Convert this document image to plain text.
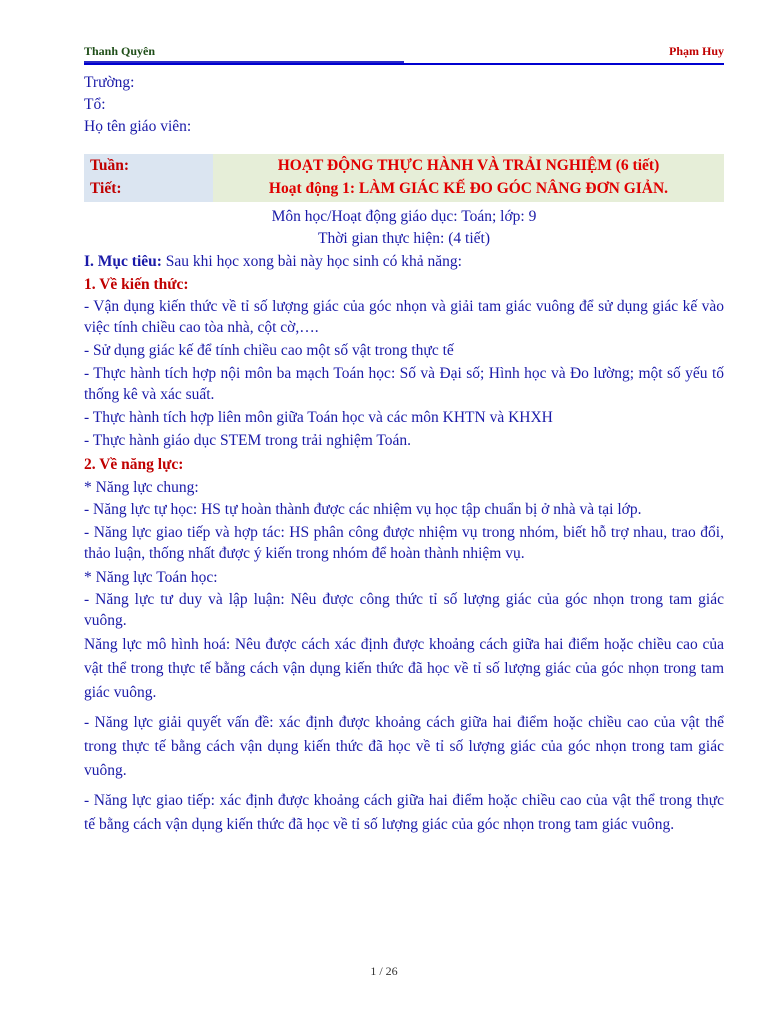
Thanh Quyên	Phạm Huy
Trường:
Tổ:
Họ tên giáo viên:
Tuần:
Tiết:
HOẠT ĐỘNG THỰC HÀNH VÀ TRẢI NGHIỆM (6 tiết)
Hoạt động 1: LÀM GIÁC KẾ ĐO GÓC NÂNG ĐƠN GIẢN.
Môn học/Hoạt động giáo dục: Toán; lớp: 9
Thời gian thực hiện: (4 tiết)
I. Mục tiêu: Sau khi học xong bài này học sinh có khả năng:
1. Về kiến thức:

- Vận dụng kiến thức về tỉ số lượng giác của góc nhọn và giải tam giác vuông để sử dụng giác kế vào việc tính chiều cao tòa nhà, cột cờ,….

- Sử dụng giác kế để tính chiều cao một số vật trong thực tế

- Thực hành tích hợp nội môn ba mạch Toán học: Số và Đại số; Hình học và Đo lường; một số yếu tố thống kê và xác suất.

- Thực hành tích hợp liên môn giữa Toán học và các môn KHTN và KHXH

- Thực hành giáo dục STEM trong trải nghiệm Toán.

2. Về năng lực:
* Năng lực chung:

- Năng lực tự học: HS tự hoàn thành được các nhiệm vụ học tập chuẩn bị ở nhà và tại lớp.

- Năng lực giao tiếp và hợp tác: HS phân công được nhiệm vụ trong nhóm, biết hỗ trợ nhau, trao đổi, thảo luận, thống nhất được ý kiến trong nhóm để hoàn thành nhiệm vụ.

* Năng lực Toán học:

- Năng lực tư duy và lập luận: Nêu được công thức tỉ số lượng giác của góc nhọn trong tam giác vuông.

Năng lực mô hình hoá: Nêu được cách xác định được khoảng cách giữa hai điểm hoặc chiều cao của vật thể trong thực tế bằng cách vận dụng kiến thức đã học về tỉ số lượng giác của góc nhọn trong tam giác vuông.

- Năng lực giải quyết vấn đề: xác định được khoảng cách giữa hai điểm hoặc chiều cao của vật thể trong thực tế bằng cách vận dụng kiến thức đã học về tỉ số lượng giác của góc nhọn trong tam giác vuông.

- Năng lực giao tiếp: xác định được khoảng cách giữa hai điểm hoặc chiều cao của vật thể trong thực tế bằng cách vận dụng kiến thức đã học về tỉ số lượng giác của góc nhọn trong tam giác vuông.

1 / 26
